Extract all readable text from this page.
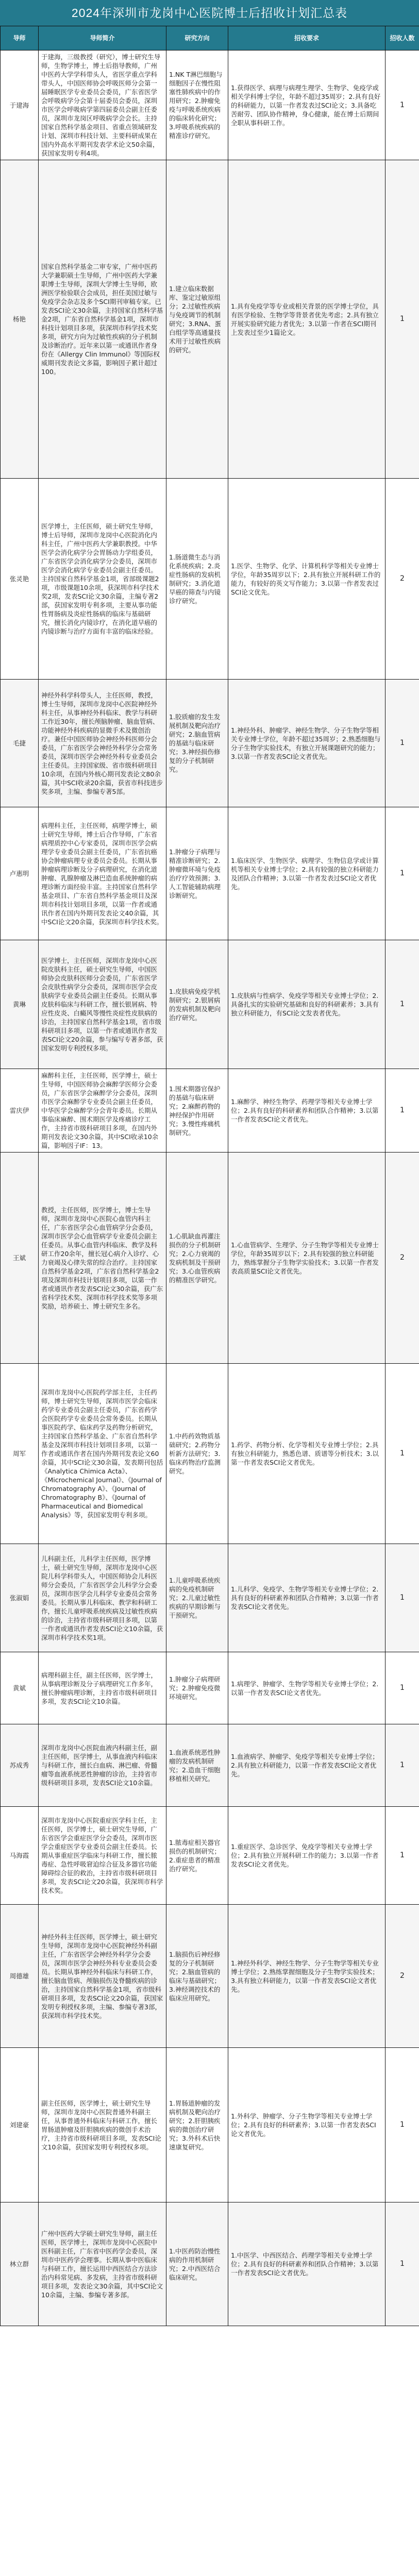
2024年深圳市龙岗中心医院博士后招收计划汇总表
导师	导师简介	研究方向	招收要求	招收人数
于建海	于建海，三级教授（研究），博士研究生导师，生物学博士，博士后指导教师，广州中医药大学学科带头人，省医学重点学科带头人，中国医师协会呼吸医师分会第一届睡眠医学专业委员会委员，广东省医学会呼吸病学分会第十届委员会委员，深圳市医学会呼吸病学第四届委员会副主任委员，深圳市龙岗区呼吸病学会会长。主持国家自然科学基金项目、省重点领域研发计划、深圳市科技计划、主要科研成果在国内外高水平期刊发表学术论文50余篇，获国家发明专利4项。	1.NK T淋巴细胞与细胞因子在慢性阻塞性肺疾病中的作用研究；2.肿瘤免疫与呼吸系统疾病的临床转化研究；3.呼吸系统疾病的精准诊疗研究。	1.获得医学、病理与病理生理学、生物学、免疫学或相关学科博士学位，年龄不超过35周岁；2.具有良好的科研能力，以第一作者发表过SCI论文；3.具备吃苦耐劳、团队协作精神，身心健康，能在博士后期间全职从事科研工作。	1
杨艳	国家自然科学基金二审专家，广州中医药大学兼职硕士生导师，广州中医药大学兼职博士生导师，深圳大学博士生导师，欧洲医学检验联合会成员，担任美国过敏与免疫学会杂志及多个SCI期刊审稿专家。已发表SCI论文30余篇，主持国家自然科学基金2项，广东省自然科学基金1项，深圳市科技计划项目多项，获深圳市科学技术奖多项，研究方向为过敏性疾病的分子机制及诊断治疗。近年来以第一或通讯作者身份在《Allergy Clin Immunol》等国际权威期刊发表论文多篇，影响因子累计超过100。	1.建立临床数据库、鉴定过敏原组分；2.过敏性疾病与免疫调节的机制研究；3.RNA、蛋白组学等高通量技术用于过敏性疾病的研究。	1.具有免疫学等专业或相关背景的医学博士学位，具有医学检验、生物学等背景者优先考虑；2.具有独立开展实验研究能力者优先；3.以第一作者在SCI期刊上发表过至少1篇论文。	1
张灵艳	医学博士，主任医师，硕士研究生导师，博士后导师，深圳市龙岗中心医院消化内科主任，广州中医药大学兼职教授。中华医学会消化病学分会胃肠动力学组委员，广东省医学会消化病学分会委员，深圳市医学会消化病学专业委员会副主任委员。主持国家自然科学基金1项，省部级课题2项，市级课题10余项，获深圳市科学技术奖2项，发表SCI论文30余篇，主编专著2部，获国家发明专利多项，主要从事功能性胃肠病及炎症性肠病的临床与基础研究，擅长消化内镜诊疗，在消化道早癌的内镜诊断与治疗方面有丰富的临床经验。	1.肠道微生态与消化系统疾病；2.炎症性肠病的发病机制研究；3.消化道早癌的筛查与内镜诊疗研究。	1.医学、生物学、化学、计算机科学等相关专业博士学位，年龄35周岁以下；2.具有独立开展科研工作的能力，有较好的英文写作能力；3.以第一作者发表过SCI论文优先。	2
毛捷	神经外科学科带头人，主任医师，教授，博士生导师，深圳市龙岗中心医院神经外科主任，从事神经外科临床、教学与科研工作近30年，擅长颅脑肿瘤、脑血管病、功能神经外科疾病的显微手术及微创治疗。兼任中国医师协会神经外科医师分会委员，广东省医学会神经外科学分会常务委员，深圳市医学会神经外科专业委员会主任委员。主持国家级、省市级科研项目10余项，在国内外核心期刊发表论文80余篇，其中SCI收录20余篇，获省市科技进步奖多项，主编、参编专著5部。	1.胶质瘤的发生发展机制及靶向治疗研究；2.脑血管病的基础与临床研究；3.神经损伤修复的分子机制研究。	1.神经外科、肿瘤学、神经生物学、分子生物学等相关专业博士学位，年龄不超过35周岁；2.熟悉细胞与分子生物学实验技术，有独立开展课题研究的能力；3.以第一作者发表SCI论文者优先。	1
卢惠明	病理科主任，主任医师，病理学博士，硕士研究生导师，博士后合作导师，广东省病理质控中心专家委员，深圳市医学会病理学专业委员会副主任委员，广东省抗癌协会肿瘤病理专业委员会委员。长期从事肿瘤病理诊断及分子病理研究，在消化道肿瘤、乳腺肿瘤及淋巴造血系统肿瘤的病理诊断方面经验丰富。主持国家自然科学基金项目、广东省自然科学基金项目及深圳市科技计划项目多项，以第一作者或通讯作者在国内外期刊发表论文40余篇，其中SCI论文20余篇，获深圳市科学技术奖。	1.肿瘤分子病理与精准诊断研究；2.肿瘤微环境与免疫治疗疗效预测；3.人工智能辅助病理诊断研究。	1.临床医学、生物医学、病理学、生物信息学或计算机等相关专业博士学位；2.具有较强的独立科研能力及团队合作精神；3.以第一作者发表过SCI论文者优先。	1
黄琳	医学博士，主任医师，深圳市龙岗中心医院皮肤科主任，硕士研究生导师，中国医师协会皮肤科医师分会委员，广东省医学会皮肤性病学分会委员，深圳市医学会皮肤病学专业委员会副主任委员。长期从事皮肤科临床与科研工作，擅长银屑病、特应性皮炎、白癜风等慢性炎症性皮肤病的诊治，主持国家自然科学基金1项，省市级科研项目多项，以第一作者或通讯作者发表SCI论文20余篇，参与编写专著多部，获国家发明专利授权多项。	1.皮肤病免疫学机制研究；2.银屑病的发病机制及靶向治疗研究。	1.皮肤病与性病学、免疫学等相关专业博士学位；2.具备扎实的实验研究基础和良好的科研素养；3.具有独立科研能力，有SCI论文发表者优先。	1
雷庆伊	麻醉科主任，主任医师，医学博士，硕士生导师，中国医师协会麻醉学医师分会委员，广东省医学会麻醉学分会委员，深圳市医学会麻醉学专业委员会副主任委员，中华医学会麻醉学分会青年委员。长期从事临床麻醉、围术期医学及疼痛诊疗工作，主持省市级科研项目多项，在国内外期刊发表论文30余篇，其中SCI收录10余篇，影响因子IF：13。	1.围术期器官保护的基础与临床研究；2.麻醉药物的神经保护作用研究；3.慢性疼痛机制研究。	1.麻醉学、神经生物学、药理学等相关专业博士学位；2.具有良好的科研素养和团队合作精神；3.以第一作者发表SCI论文者优先。	1
王斌	教授，主任医师，医学博士，博士生导师，深圳市龙岗中心医院心血管内科主任，广东省医学会心血管病学分会委员，深圳市医学会心血管病学专业委员会副主任委员。从事心血管内科临床、教学及科研工作20余年，擅长冠心病介入诊疗、心力衰竭及心律失常的综合治疗。主持国家自然科学基金2项，广东省自然科学基金2项及深圳市科技计划项目多项，以第一作者或通讯作者发表SCI论文30余篇，获广东省科学技术奖、深圳市科学技术奖等多项奖励，培养硕士、博士研究生多名。	1.心肌缺血再灌注损伤的分子机制研究；2.心力衰竭的发病机制及干预研究；3.心血管疾病的精准医学研究。	1.心血管病学、生理学、分子生物学等相关专业博士学位，年龄35周岁以下；2.具有较强的独立科研能力，熟练掌握分子生物学实验技术；3.以第一作者发表高质量SCI论文者优先。	2
周军	深圳市龙岗中心医院药学部主任，主任药师，博士研究生导师，深圳市医学会临床药学专业委员会副主任委员，广东省药学会医院药学专业委员会常务委员。长期从事医院药学、临床药学及药物分析研究，主持国家自然科学基金、广东省自然科学基金及深圳市科技计划项目多项，以第一作者或通讯作者在国内外期刊发表论文60余篇，其中SCI论文30余篇，发表期刊包括《Analytica Chimica Acta》、《Microchemical Journal》、《Journal of Chromatography A》、《Journal of Chromatography B》、《Journal of Pharmaceutical and Biomedical Analysis》等，获国家发明专利多项。	1.中药药效物质基础研究；2.药物分析新方法研究；3.临床药物治疗监测研究。	1.药学、药物分析、化学等相关专业博士学位；2.具有独立科研能力，熟悉色谱、质谱等分析技术；3.以第一作者发表SCI论文者优先。	1
张淑娟	儿科副主任，儿科学主任医师，医学博士，硕士研究生导师，深圳市龙岗中心医院儿科学科带头人，中国医师协会儿科医师分会委员，广东省医学会儿科学分会委员，深圳市医学会儿科学专业委员会常务委员。长期从事儿科临床、教学和科研工作，擅长儿童呼吸系统疾病及过敏性疾病的诊治，主持省市级科研项目多项，以第一作者或通讯作者发表SCI论文10余篇，获深圳市科学技术奖1项。	1.儿童呼吸系统疾病的免疫机制研究；2.儿童过敏性疾病的早期诊断与干预研究。	1.儿科学、免疫学、生物学等相关专业博士学位；2.具有良好的科研素养和团队合作精神；3.以第一作者发表SCI论文者优先。	1
黄斌	病理科副主任，副主任医师，医学博士，从事病理诊断及分子病理研究工作多年，擅长肿瘤病理诊断，主持省市级科研项目多项，发表SCI论文10余篇。	1.肿瘤分子病理研究；2.肿瘤免疫微环境研究。	1.病理学、肿瘤学、生物学等相关专业博士学位；2.以第一作者发表SCI论文者优先。	1
苏成秀	深圳市龙岗中心医院血液内科副主任，副主任医师，医学博士，从事血液内科临床与科研工作，擅长白血病、淋巴瘤、骨髓瘤等血液系统恶性肿瘤的诊治，主持省市级科研项目多项，发表SCI论文10余篇。	1.血液系统恶性肿瘤的发病机制研究；2.造血干细胞移植相关研究。	1.血液病学、肿瘤学、免疫学等相关专业博士学位；2.具有独立科研能力，以第一作者发表SCI论文者优先。	1
马海霞	深圳市龙岗中心医院重症医学科主任，主任医师，医学博士，硕士研究生导师，广东省医学会重症医学分会委员，深圳市医学会重症医学专业委员会副主任委员。长期从事重症医学临床与科研工作，擅长脓毒症、急性呼吸窘迫综合征及多器官功能障碍综合征的救治，主持省市级科研项目多项，发表SCI论文20余篇，获深圳市科学技术奖。	1.脓毒症相关器官损伤的机制研究；2.重症患者的精准治疗研究。	1.重症医学、急诊医学、免疫学等相关专业博士学位；2.具有独立开展科研工作的能力；3.以第一作者发表SCI论文者优先。	1
周德雄	神经外科主任医师，医学博士，硕士研究生导师，深圳市龙岗中心医院神经外科副主任，广东省医学会神经外科学分会委员，深圳市医学会神经外科专业委员会委员。长期从事神经外科临床与科研工作，擅长脑血管病、颅脑损伤及脊髓疾病的诊治，主持国家自然科学基金1项，省市级科研项目多项，发表SCI论文20余篇，获国家发明专利授权多项，主编、参编专著3部，获深圳市科学技术奖。	1.脑损伤后神经修复的分子机制研究；2.脑血管病的临床与基础研究；3.神经调控技术的临床应用研究。	1.神经外科学、神经生物学、分子生物学等相关专业博士学位；2.熟练掌握细胞及分子生物学实验技术；3.具有独立科研能力，以第一作者发表SCI论文者优先。	2
刘建豪	副主任医师，医学博士，硕士研究生导师，深圳市龙岗中心医院普通外科副主任，从事普通外科临床与科研工作，擅长胃肠道肿瘤及肝胆胰疾病的微创手术治疗，主持省市级科研项目多项，发表SCI论文10余篇，获国家发明专利授权多项。	1.胃肠道肿瘤的发病机制及靶向治疗研究；2.肝胆胰疾病的微创治疗研究；3.外科术后快速康复研究。	1.外科学、肿瘤学、分子生物学等相关专业博士学位；2.具有良好的科研素养；3.以第一作者发表SCI论文者优先。	1
林立群	广州中医药大学硕士研究生导师，副主任医师，医学博士，深圳市龙岗中心医院中医科副主任，广东省中医药学会委员，深圳市中医药学会理事。长期从事中医临床与科研工作，擅长运用中西医结合方法诊治内科常见病、多发病，主持省市级科研项目多项，发表论文30余篇，其中SCI论文10余篇，主编、参编专著多部。	1.中医药防治慢性病的作用机制研究；2.中西医结合临床研究。	1.中医学、中西医结合、药理学等相关专业博士学位；2.具有良好的科研素养和团队合作精神；3.以第一作者发表SCI论文者优先。	1
